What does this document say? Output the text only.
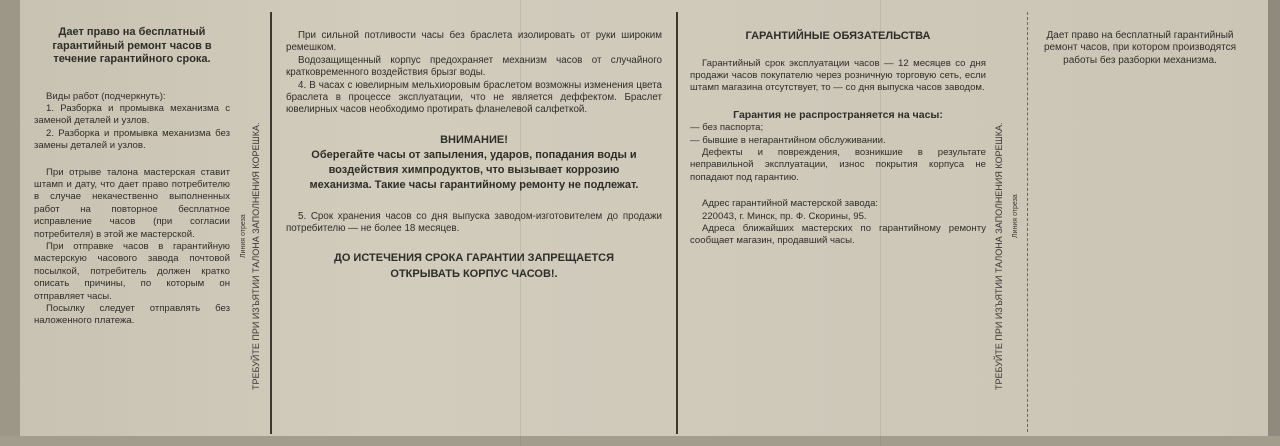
Дает право на бесплатный гарантийный ремонт часов в течение гарантийного срока.

Виды работ (подчеркнуть):

1. Разборка и промывка механизма с заменой деталей и узлов.

2. Разборка и промывка механизма без замены деталей и узлов.

При отрыве талона мастерская ставит штамп и дату, что дает право потребителю в случае некачественно выполненных работ на повторное бесплатное исправление часов (при согласии потребителя) в этой же мастерской.

При отправке часов в гарантийную мастерскую часового завода почтовой посылкой, потребитель должен кратко описать причины, по которым он отправляет часы.

Посылку следует отправлять без наложенного платежа.	ТРЕБУЙТЕ ПРИ ИЗЪЯТИИ ТАЛОНА ЗАПОЛНЕНИЯ КОРЕШКА.
Линия отреза

При сильной потливости часы без браслета изолировать от руки широким ремешком.

Водозащищенный корпус предохраняет механизм часов от случайного кратковременного воздействия брызг воды.

4. В часах с ювелирным мельхиоровым браслетом возможны изменения цвета браслета в процессе эксплуатации, что не является деффектом. Браслет ювелирных часов необходимо протирать фланелевой салфеткой.

ВНИМАНИЕ!

Оберегайте часы от запыления, ударов, попадания воды и воздействия химпродуктов, что вызывает коррозию механизма. Такие часы гарантийному ремонту не подлежат.

5. Срок хранения часов со дня выпуска заводом-изготовителем до продажи потребителю — не более 18 месяцев.

ДО ИСТЕЧЕНИЯ СРОКА ГАРАНТИИ ЗАПРЕЩАЕТСЯ ОТКРЫВАТЬ КОРПУС ЧАСОВ!.

ГАРАНТИЙНЫЕ ОБЯЗАТЕЛЬСТВА

Гарантийный срок эксплуатации часов — 12 месяцев со дня продажи часов покупателю через розничную торговую сеть, если штамп магазина отсутствует, то — со дня выпуска часов заводом.

Гарантия не распространяется на часы:

— без паспорта;

— бывшие в негарантийном обслуживании.

Дефекты и повреждения, возникшие в результате неправильной эксплуатации, износ покрытия корпуса не попадают под гарантию.

Адрес гарантийной мастерской завода:

220043, г. Минск, пр. Ф. Скорины, 95.

Адреса ближайших мастерских по гарантийному ремонту сообщает магазин, продавший часы.	ТРЕБУЙТЕ ПРИ ИЗЪЯТИИ ТАЛОНА ЗАПОЛНЕНИЯ КОРЕШКА. Линия отреза

Дает право на бесплатный гарантийный ремонт часов, при котором производятся работы без разборки механизма.
